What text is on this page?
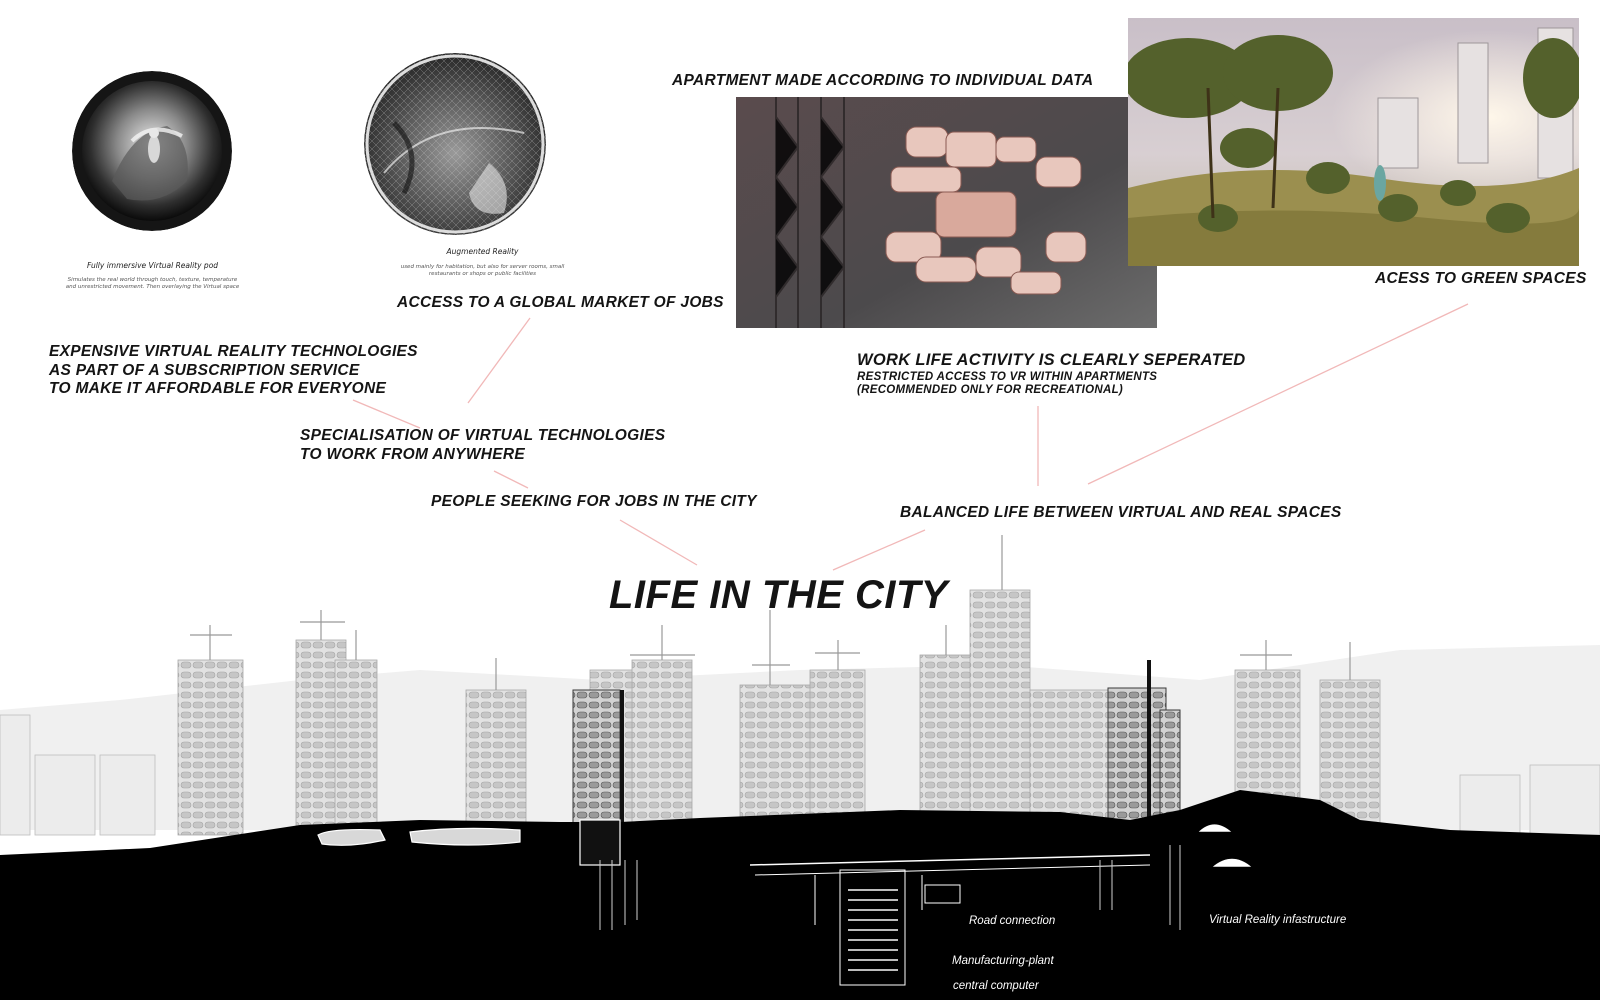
Fully immersive Virtual Reality pod
Simulates the real world through touch, texture, temperature
and unrestricted movement. Then overlaying the Virtual space
Augmented Reality
used mainly for habitation, but also for server rooms, small
restaurants or shops or public facilities
APARTMENT MADE ACCORDING TO INDIVIDUAL DATA
ACESS TO GREEN SPACES
ACCESS TO A GLOBAL MARKET OF JOBS
EXPENSIVE VIRTUAL REALITY TECHNOLOGIES
AS PART OF A SUBSCRIPTION SERVICE
TO MAKE IT AFFORDABLE FOR EVERYONE
WORK LIFE ACTIVITY IS CLEARLY SEPERATED
RESTRICTED ACCESS TO VR WITHIN APARTMENTS
(RECOMMENDED ONLY FOR RECREATIONAL)
SPECIALISATION OF VIRTUAL TECHNOLOGIES
TO WORK FROM ANYWHERE
PEOPLE SEEKING FOR JOBS IN THE CITY
BALANCED LIFE BETWEEN VIRTUAL AND REAL SPACES
LIFE IN THE CITY
Road connection	Virtual Reality infastructure
Manufacturing-plant
central computer
